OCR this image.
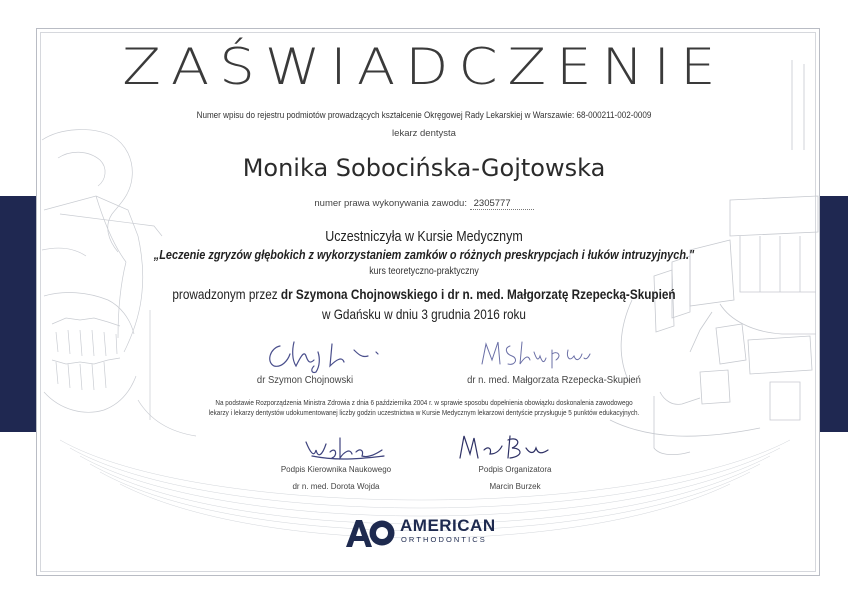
ZAŚWIADCZENIE
Numer wpisu do rejestru podmiotów prowadzących kształcenie Okręgowej Rady Lekarskiej w Warszawie: 68-000211-002-0009
lekarz dentysta
Monika Sobocińska-Gojtowska
numer prawa wykonywania zawodu: 2305777
Uczestniczyła w Kursie Medycznym
„Leczenie zgryzów głębokich z wykorzystaniem zamków o różnych preskrypcjach i łuków intruzyjnych."
kurs teoretyczno-praktyczny
prowadzonym przez dr Szymona Chojnowskiego i dr n. med. Małgorzatę Rzepecką-Skupień
w Gdańsku w dniu 3 grudnia 2016 roku
dr Szymon Chojnowski	dr n. med. Małgorzata Rzepecka-Skupień
Na podstawie Rozporządzenia Ministra Zdrowia z dnia 6 października 2004 r. w sprawie sposobu dopełnienia obowiązku doskonalenia zawodowego
lekarzy i lekarzy dentystów udokumentowanej liczby godzin uczestnictwa w Kursie Medycznym lekarzowi dentyście przysługuje 5 punktów edukacyjnych.
Podpis Kierownika Naukowego
dr n. med. Dorota Wojda
Podpis Organizatora
Marcin Burzek
AMERICAN
ORTHODONTICS
